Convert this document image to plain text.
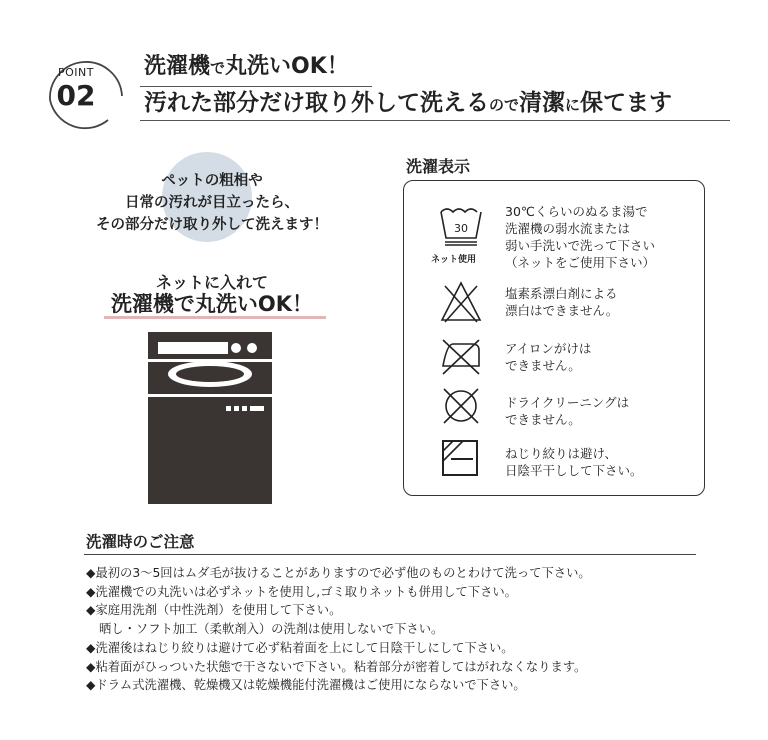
POINT
02
洗濯機で丸洗いOK！
汚れた部分だけ取り外して洗えるので清潔に保てます
ペットの粗相や
日常の汚れが目立ったら、
その部分だけ取り外して洗えます！
ネットに入れて
洗濯機で丸洗いOK！
洗濯表示
30
ネット使用
30℃くらいのぬるま湯で
洗濯機の弱水流または
弱い手洗いで洗って下さい
（ネットをご使用下さい）
塩素系漂白剤による
漂白はできません。
アイロンがけは
できません。
ドライクリーニングは
できません。
ねじり絞りは避け、
日陰平干しして下さい。
洗濯時のご注意
◆最初の3〜5回はムダ毛が抜けることがありますので必ず他のものとわけて洗って下さい。
◆洗濯機での丸洗いは必ずネットを使用し,ゴミ取りネットも併用して下さい。
◆家庭用洗剤（中性洗剤）を使用して下さい。
晒し・ソフト加工（柔軟剤入）の洗剤は使用しないで下さい。
◆洗濯後はねじり絞りは避けて必ず粘着面を上にして日陰干しにして下さい。
◆粘着面がひっついた状態で干さないで下さい。粘着部分が密着してはがれなくなります。
◆ドラム式洗濯機、乾燥機又は乾燥機能付洗濯機はご使用にならないで下さい。
